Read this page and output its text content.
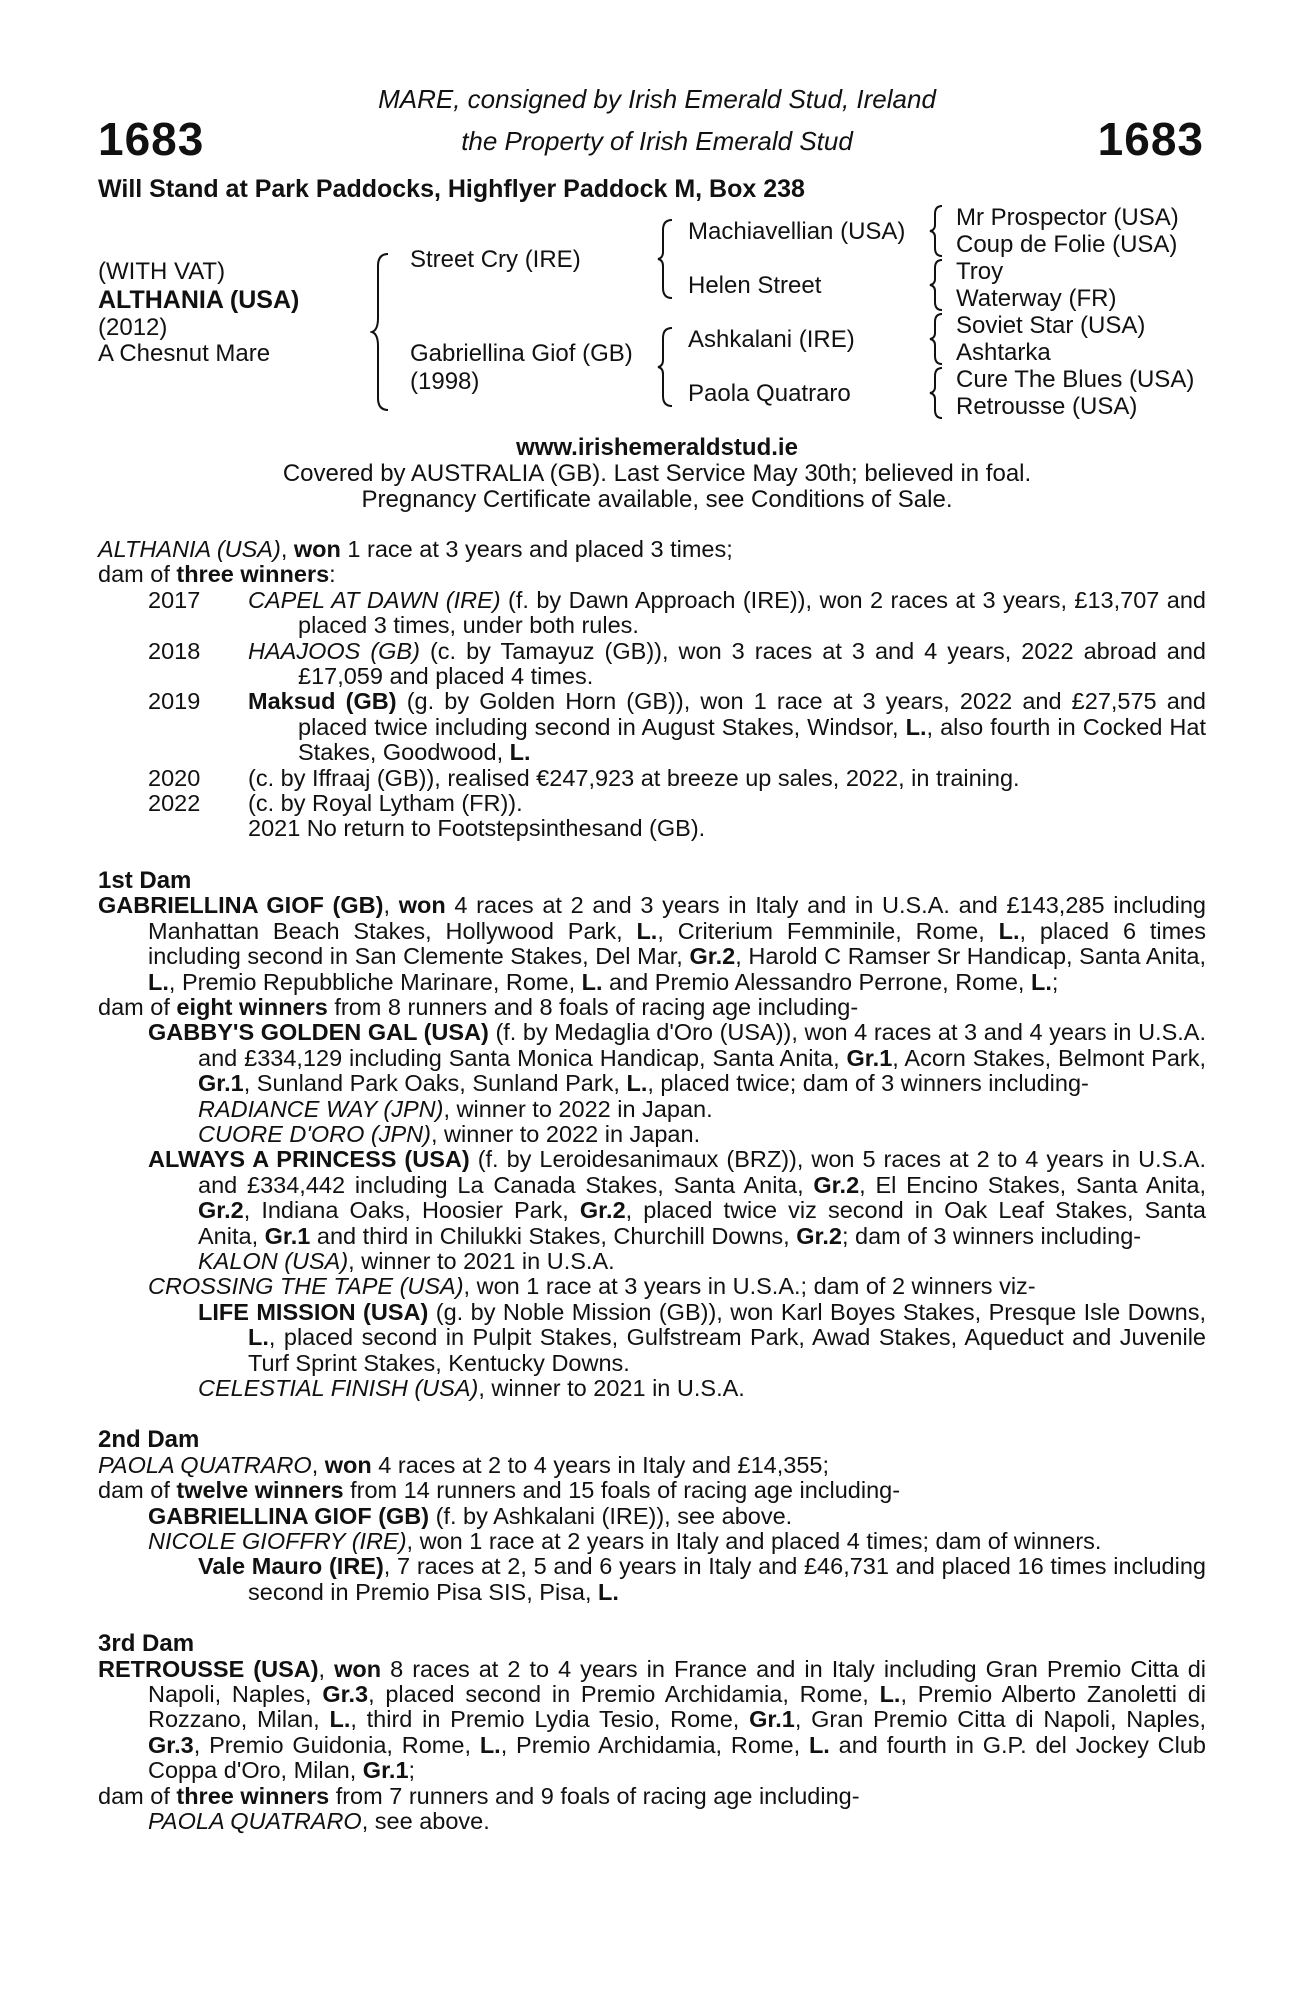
1683	1683
MARE, consigned by Irish Emerald Stud, Ireland
the Property of Irish Emerald Stud
Will Stand at Park Paddocks, Highflyer Paddock M, Box 238
(WITH VAT)
ALTHANIA (USA)
(2012)
A Chesnut Mare
Street Cry (IRE)
Gabriellina Giof (GB)
(1998)
Machiavellian (USA)
Helen Street
Ashkalani (IRE)
Paola Quatraro
Mr Prospector (USA)
Coup de Folie (USA)
Troy
Waterway (FR)
Soviet Star (USA)
Ashtarka
Cure The Blues (USA)
Retrousse (USA)
www.irishemeraldstud.ie
Covered by AUSTRALIA (GB). Last Service May 30th; believed in foal.
Pregnancy Certificate available, see Conditions of Sale.

ALTHANIA (USA), won 1 race at 3 years and placed 3 times;

dam of three winners:

2017	CAPEL AT DAWN (IRE) (f. by Dawn Approach (IRE)), won 2 races at 3 years, £13,707 and placed 3 times, under both rules.
2018	HAAJOOS (GB) (c. by Tamayuz (GB)), won 3 races at 3 and 4 years, 2022 abroad and £17,059 and placed 4 times.
2019	Maksud (GB) (g. by Golden Horn (GB)), won 1 race at 3 years, 2022 and £27,575 and placed twice including second in August Stakes, Windsor, L., also fourth in Cocked Hat Stakes, Goodwood, L.
2020	(c. by Iffraaj (GB)), realised €247,923 at breeze up sales, 2022, in training.
2022	(c. by Royal Lytham (FR)).
2021 No return to Footstepsinthesand (GB).
1st Dam

GABRIELLINA GIOF (GB), won 4 races at 2 and 3 years in Italy and in U.S.A. and £143,285 including Manhattan Beach Stakes, Hollywood Park, L., Criterium Femminile, Rome, L., placed 6 times including second in San Clemente Stakes, Del Mar, Gr.2, Harold C Ramser Sr Handicap, Santa Anita, L., Premio Repubbliche Marinare, Rome, L. and Premio Alessandro Perrone, Rome, L.;

dam of eight winners from 8 runners and 8 foals of racing age including-

GABBY'S GOLDEN GAL (USA) (f. by Medaglia d'Oro (USA)), won 4 races at 3 and 4 years in U.S.A. and £334,129 including Santa Monica Handicap, Santa Anita, Gr.1, Acorn Stakes, Belmont Park, Gr.1, Sunland Park Oaks, Sunland Park, L., placed twice; dam of 3 winners including-

RADIANCE WAY (JPN), winner to 2022 in Japan.

CUORE D'ORO (JPN), winner to 2022 in Japan.

ALWAYS A PRINCESS (USA) (f. by Leroidesanimaux (BRZ)), won 5 races at 2 to 4 years in U.S.A. and £334,442 including La Canada Stakes, Santa Anita, Gr.2, El Encino Stakes, Santa Anita, Gr.2, Indiana Oaks, Hoosier Park, Gr.2, placed twice viz second in Oak Leaf Stakes, Santa Anita, Gr.1 and third in Chilukki Stakes, Churchill Downs, Gr.2; dam of 3 winners including-

KALON (USA), winner to 2021 in U.S.A.

CROSSING THE TAPE (USA), won 1 race at 3 years in U.S.A.; dam of 2 winners viz-

LIFE MISSION (USA) (g. by Noble Mission (GB)), won Karl Boyes Stakes, Presque Isle Downs, L., placed second in Pulpit Stakes, Gulfstream Park, Awad Stakes, Aqueduct and Juvenile Turf Sprint Stakes, Kentucky Downs.

CELESTIAL FINISH (USA), winner to 2021 in U.S.A.

2nd Dam

PAOLA QUATRARO, won 4 races at 2 to 4 years in Italy and £14,355;

dam of twelve winners from 14 runners and 15 foals of racing age including-

GABRIELLINA GIOF (GB) (f. by Ashkalani (IRE)), see above.

NICOLE GIOFFRY (IRE), won 1 race at 2 years in Italy and placed 4 times; dam of winners.

Vale Mauro (IRE), 7 races at 2, 5 and 6 years in Italy and £46,731 and placed 16 times including second in Premio Pisa SIS, Pisa, L.

3rd Dam

RETROUSSE (USA), won 8 races at 2 to 4 years in France and in Italy including Gran Premio Citta di Napoli, Naples, Gr.3, placed second in Premio Archidamia, Rome, L., Premio Alberto Zanoletti di Rozzano, Milan, L., third in Premio Lydia Tesio, Rome, Gr.1, Gran Premio Citta di Napoli, Naples, Gr.3, Premio Guidonia, Rome, L., Premio Archidamia, Rome, L. and fourth in G.P. del Jockey Club Coppa d'Oro, Milan, Gr.1;

dam of three winners from 7 runners and 9 foals of racing age including-

PAOLA QUATRARO, see above.
